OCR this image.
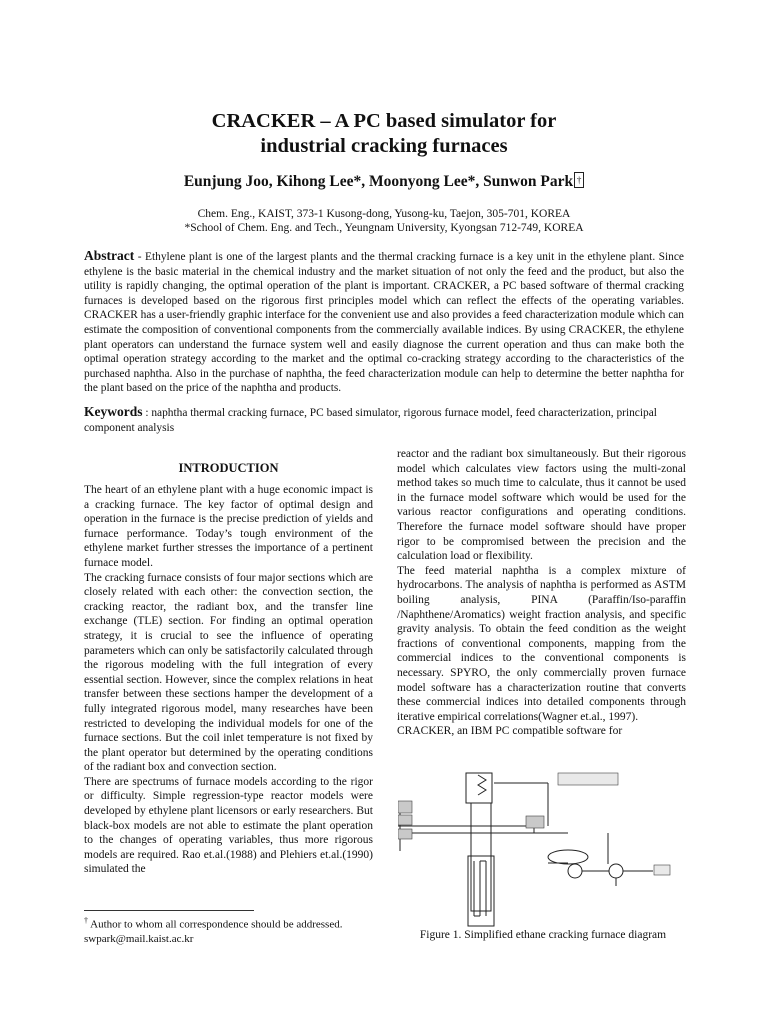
CRACKER – A PC based simulator for
industrial cracking furnaces
Eunjung Joo, Kihong Lee*, Moonyong Lee*, Sunwon Park †
Chem. Eng., KAIST, 373-1 Kusong-dong, Yusong-ku, Taejon, 305-701, KOREA
*School of Chem. Eng. and Tech., Yeungnam University, Kyongsan 712-749, KOREA
Abstract - Ethylene plant is one of the largest plants and the thermal cracking furnace is a key unit in the ethylene plant. Since ethylene is the basic material in the chemical industry and the market situation of not only the feed and the product, but also the utility is rapidly changing, the optimal operation of the plant is important. CRACKER, a PC based software of thermal cracking furnaces is developed based on the rigorous first principles model which can reflect the effects of the operating variables. CRACKER has a user-friendly graphic interface for the convenient use and also provides a feed characterization module which can estimate the composition of conventional components from the commercially available indices. By using CRACKER, the ethylene plant operators can understand the furnace system well and easily diagnose the current operation and thus can make both the optimal operation strategy according to the market and the optimal co-cracking strategy according to the characteristics of the purchased naphtha. Also in the purchase of naphtha, the feed characterization module can help to determine the better naphtha for the plant based on the price of the naphtha and products.
Keywords : naphtha thermal cracking furnace, PC based simulator, rigorous furnace model, feed characterization, principal component analysis
INTRODUCTION

The heart of an ethylene plant with a huge economic impact is a cracking furnace. The key factor of optimal design and operation in the furnace is the precise prediction of yields and furnace performance. Today’s tough environment of the ethylene market further stresses the importance of a pertinent furnace model.

The cracking furnace consists of four major sections which are closely related with each other: the convection section, the cracking reactor, the radiant box, and the transfer line exchange (TLE) section. For finding an optimal operation strategy, it is crucial to see the influence of operating parameters which can only be satisfactorily calculated through the rigorous modeling with the full integration of every essential section. However, since the complex relations in heat transfer between these sections hamper the development of a fully integrated rigorous model, many researches have been restricted to developing the individual models for one of the furnace sections. But the coil inlet temperature is not fixed by the plant operator but determined by the operating conditions of the radiant box and convection section.

There are spectrums of furnace models according to the rigor or difficulty. Simple regression-type reactor models were developed by ethylene plant licensors or early researchers. But black-box models are not able to estimate the plant operation to the changes of operating variables, thus more rigorous models are required. Rao et.al.(1988) and Plehiers et.al.(1990) simulated the

reactor and the radiant box simultaneously. But their rigorous model which calculates view factors using the multi-zonal method takes so much time to calculate, thus it cannot be used in the furnace model software which would be used for the various reactor configurations and operating conditions. Therefore the furnace model software should have proper rigor to be compromised between the precision and the calculation load or flexibility.

The feed material naphtha is a complex mixture of hydrocarbons. The analysis of naphtha is performed as ASTM boiling analysis, PINA (Paraffin/Iso-paraffin /Naphthene/Aromatics) weight fraction analysis, and specific gravity analysis. To obtain the feed condition as the weight fractions of conventional components, mapping from the commercial indices to the conventional components is necessary. SPYRO, the only commercially proven furnace model software has a characterization routine that converts these commercial indices into detailed components through iterative empirical correlations(Wagner et.al., 1997).

CRACKER, an IBM PC compatible software for

Figure 1. Simplified ethane cracking furnace diagram
† Author to whom all correspondence should be addressed.
swpark@mail.kaist.ac.kr
